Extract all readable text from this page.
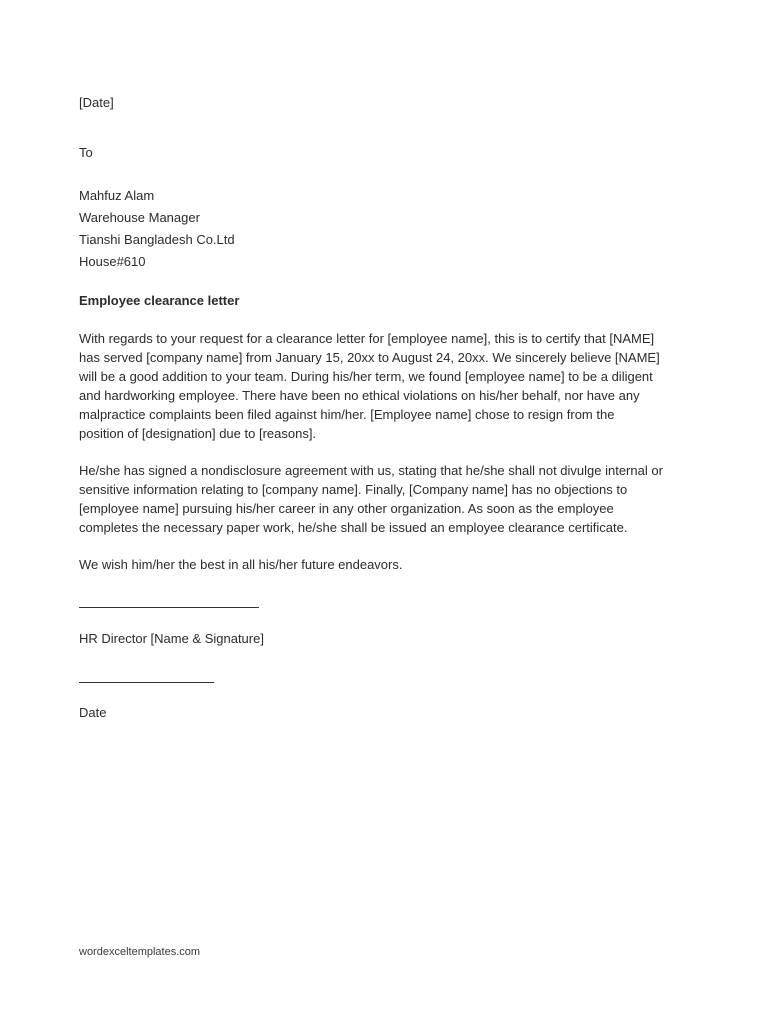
[Date]
To
Mahfuz Alam
Warehouse Manager
Tianshi Bangladesh Co.Ltd
House#610
Employee clearance letter
With regards to your request for a clearance letter for [employee name], this is to certify that [NAME]
has served [company name] from January 15, 20xx to August 24, 20xx. We sincerely believe [NAME]
will be a good addition to your team. During his/her term, we found [employee name] to be a diligent
and hardworking employee. There have been no ethical violations on his/her behalf, nor have any
malpractice complaints been filed against him/her. [Employee name] chose to resign from the
position of [designation] due to [reasons].
He/she has signed a nondisclosure agreement with us, stating that he/she shall not divulge internal or
sensitive information relating to [company name]. Finally, [Company name] has no objections to
[employee name] pursuing his/her career in any other organization. As soon as the employee
completes the necessary paper work, he/she shall be issued an employee clearance certificate.
We wish him/her the best in all his/her future endeavors.
HR Director [Name & Signature]
Date
wordexceltemplates.com
